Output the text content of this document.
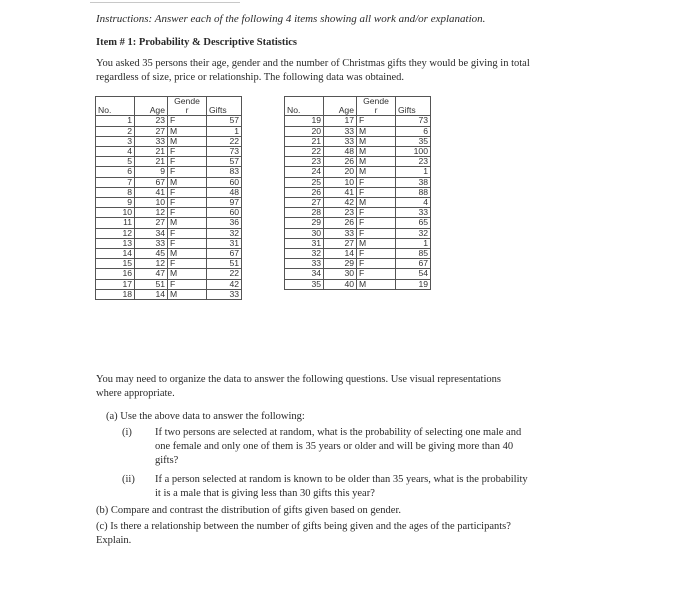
Instructions: Answer each of the following 4 items showing all work and/or explanation.
Item # 1: Probability & Descriptive Statistics
You asked 35 persons their age, gender and the number of Christmas gifts they would be giving in total regardless of size, price or relationship. The following data was obtained.
No.	Age	Gende
r	Gifts
1	23	F	57
2	27	M	1
3	33	M	22
4	21	F	73
5	21	F	57
6	9	F	83
7	67	M	60
8	41	F	48
9	10	F	97
10	12	F	60
11	27	M	36
12	34	F	32
13	33	F	31
14	45	M	67
15	12	F	51
16	47	M	22
17	51	F	42
18	14	M	33
No.	Age	Gende
r	Gifts
19	17	F	73
20	33	M	6
21	33	M	35
22	48	M	100
23	26	M	23
24	20	M	1
25	10	F	38
26	41	F	88
27	42	M	4
28	23	F	33
29	26	F	65
30	33	F	32
31	27	M	1
32	14	F	85
33	29	F	67
34	30	F	54
35	40	M	19
You may need to organize the data to answer the following questions. Use visual representations where appropriate.
(a) Use the above data to answer the following:
(i)	If two persons are selected at random, what is the probability of selecting one male and one female and only one of them is 35 years or older and will be giving more than 40 gifts?
(ii)	If a person selected at random is known to be older than 35 years, what is the probability it is a male that is giving less than 30 gifts this year?
(b) Compare and contrast the distribution of gifts given based on gender.
(c) Is there a relationship between the number of gifts being given and the ages of the participants? Explain.
